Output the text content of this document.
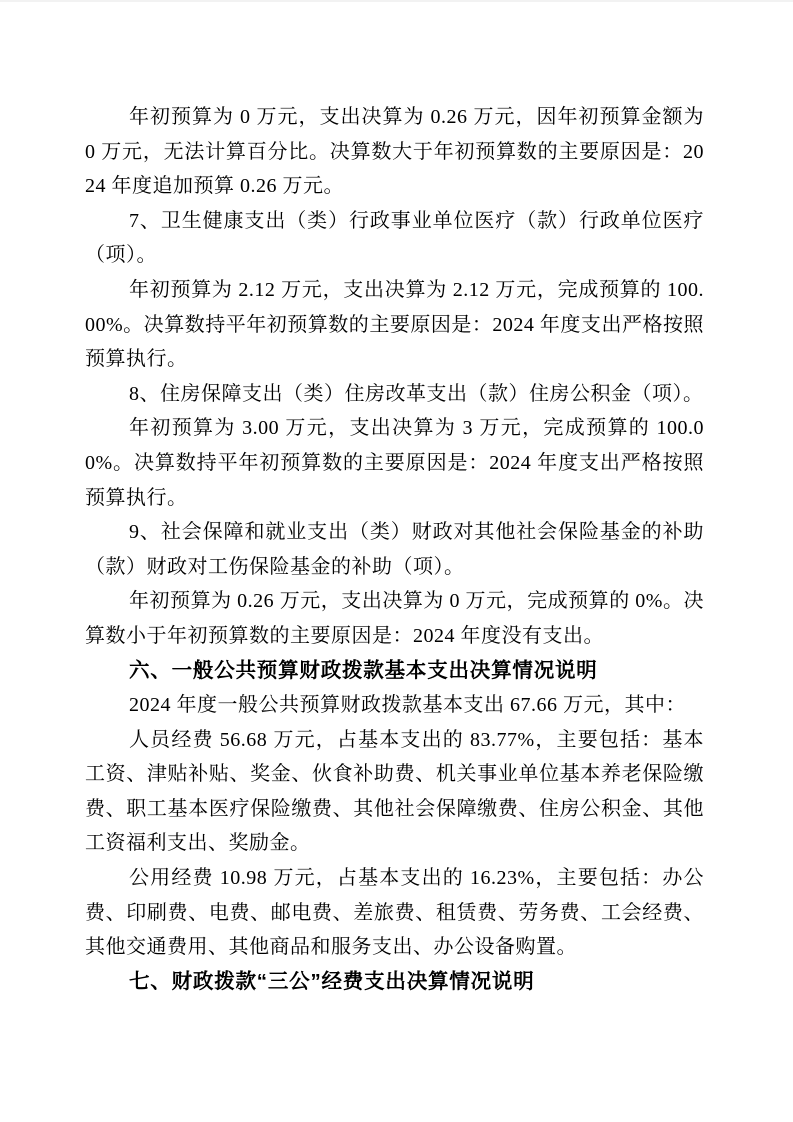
年初预算为 0 万元，支出决算为 0.26 万元，因年初预算金额为 0 万元，无法计算百分比。决算数大于年初预算数的主要原因是：2024 年度追加预算 0.26 万元。

7、卫生健康支出（类）行政事业单位医疗（款）行政单位医疗（项）。

年初预算为 2.12 万元，支出决算为 2.12 万元，完成预算的 100.00%。决算数持平年初预算数的主要原因是：2024 年度支出严格按照预算执行。

8、住房保障支出（类）住房改革支出（款）住房公积金（项）。

年初预算为 3.00 万元，支出决算为 3 万元，完成预算的 100.00%。决算数持平年初预算数的主要原因是：2024 年度支出严格按照预算执行。

9、社会保障和就业支出（类）财政对其他社会保险基金的补助（款）财政对工伤保险基金的补助（项）。

年初预算为 0.26 万元，支出决算为 0 万元，完成预算的 0%。决算数小于年初预算数的主要原因是：2024 年度没有支出。

六、一般公共预算财政拨款基本支出决算情况说明

2024 年度一般公共预算财政拨款基本支出 67.66 万元，其中：

人员经费 56.68 万元，占基本支出的 83.77%，主要包括：基本工资、津贴补贴、奖金、伙食补助费、机关事业单位基本养老保险缴费、职工基本医疗保险缴费、其他社会保障缴费、住房公积金、其他工资福利支出、奖励金。

公用经费 10.98 万元，占基本支出的 16.23%，主要包括：办公费、印刷费、电费、邮电费、差旅费、租赁费、劳务费、工会经费、其他交通费用、其他商品和服务支出、办公设备购置。

七、财政拨款“三公”经费支出决算情况说明
